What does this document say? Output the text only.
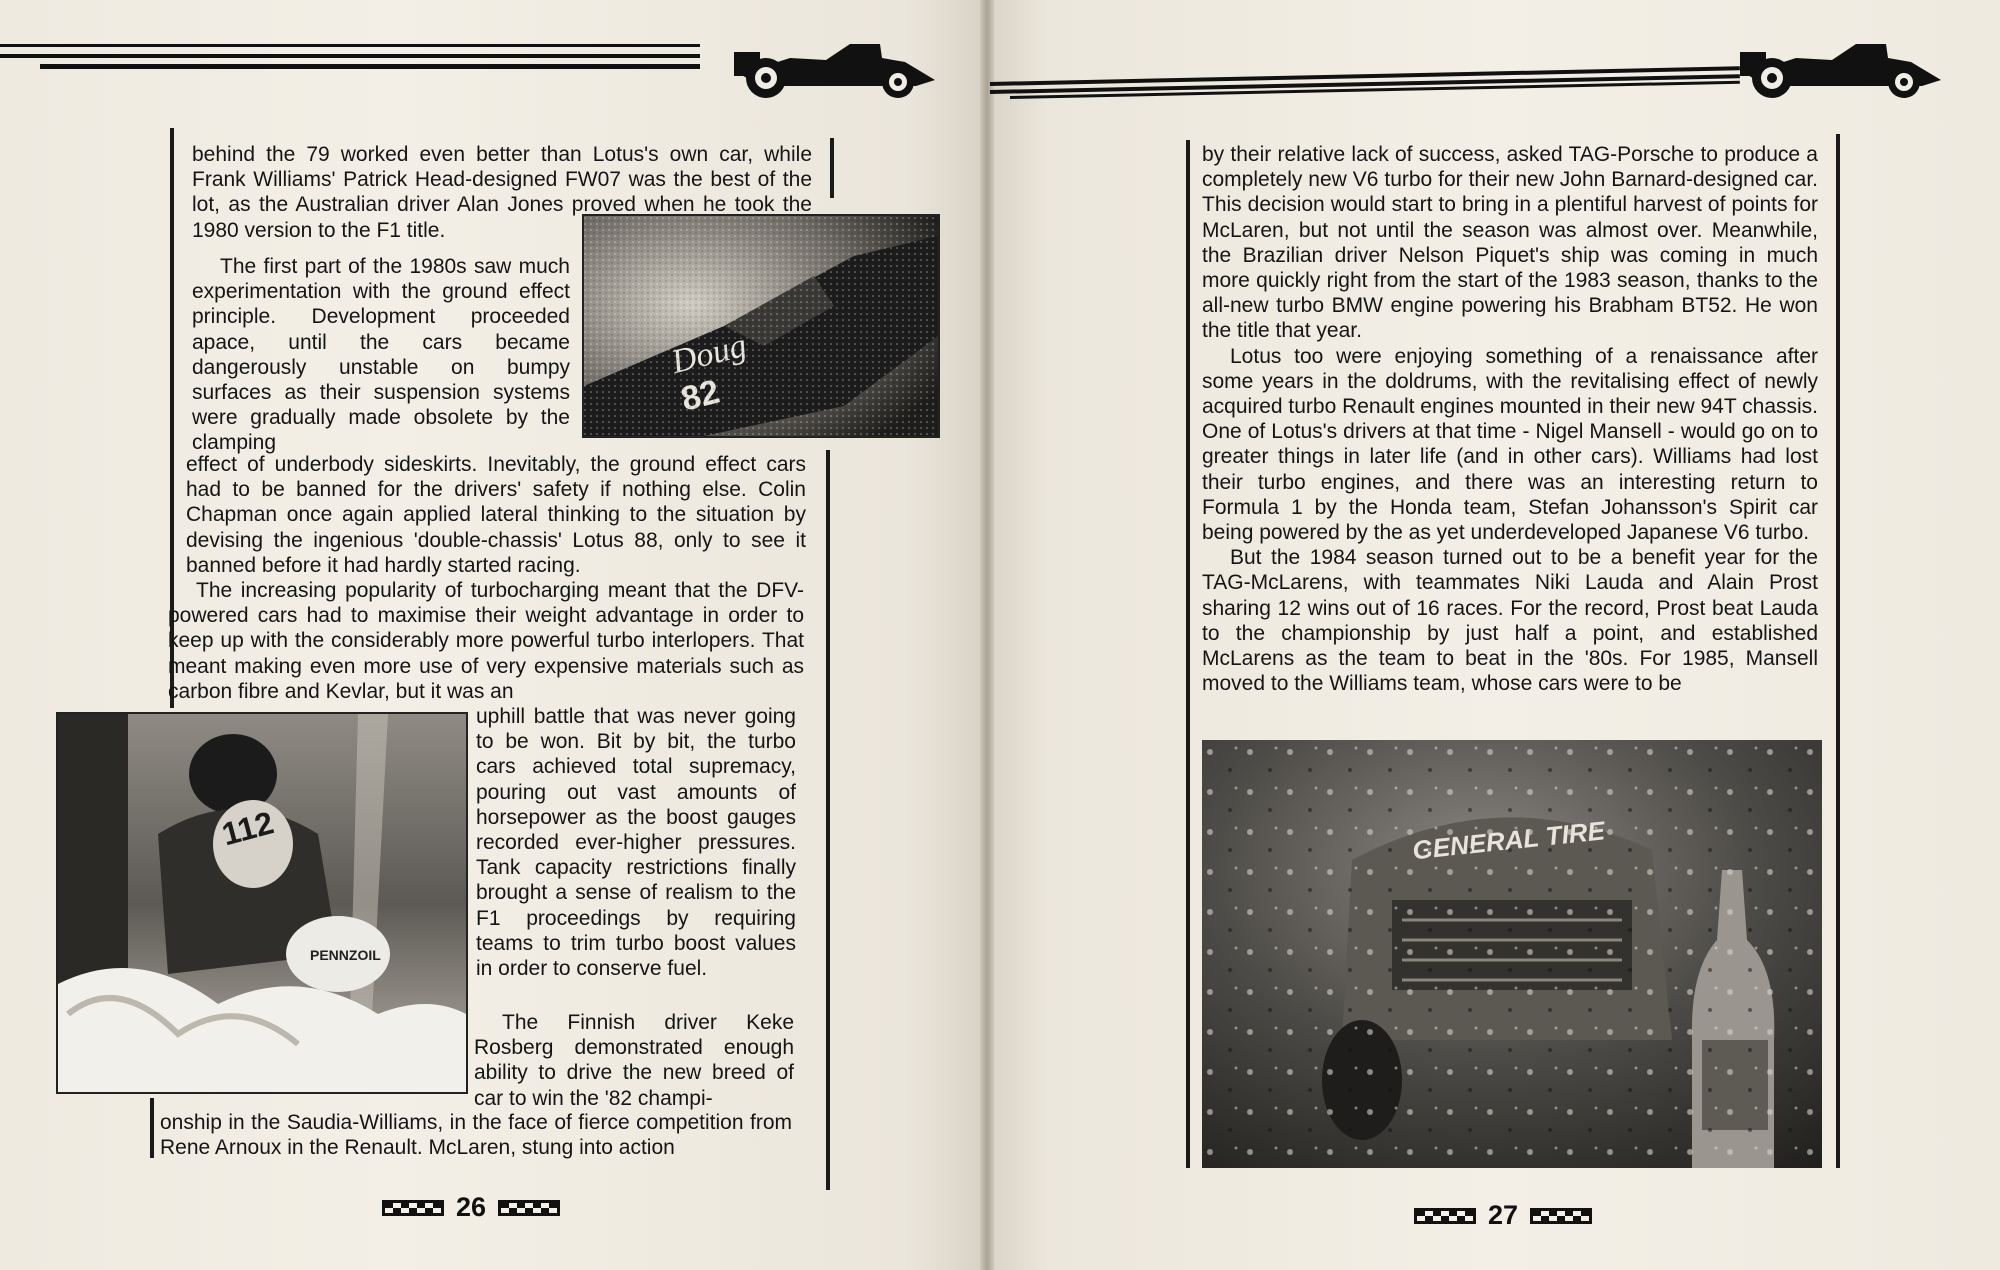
behind the 79 worked even better than Lotus's own car, while Frank Williams' Patrick Head-designed FW07 was the best of the lot, as the Australian driver Alan Jones proved when he took the 1980 version to the F1 title.

The first part of the 1980s saw much experimentation with the ground effect principle. Development proceeded apace, until the cars became dangerously unstable on bumpy surfaces as their suspension systems were gradually made obsolete by the clamping

effect of underbody sideskirts. Inevitably, the ground effect cars had to be banned for the drivers' safety if nothing else. Colin Chapman once again applied lateral thinking to the situation by devising the ingenious 'double-chassis' Lotus 88, only to see it banned before it had hardly started racing.

The increasing popularity of turbocharging meant that the DFV-powered cars had to maximise their weight advantage in order to keep up with the considerably more powerful turbo interlopers. That meant making even more use of very expensive materials such as carbon fibre and Kevlar, but it was an

uphill battle that was never going to be won. Bit by bit, the turbo cars achieved total supremacy, pouring out vast amounts of horsepower as the boost gauges recorded ever-higher pressures. Tank capacity restrictions finally brought a sense of realism to the F1 proceedings by requiring teams to trim turbo boost values in order to conserve fuel.

The Finnish driver Keke Rosberg demonstrated enough ability to drive the new breed of car to win the '82 champi-

onship in the Saudia-Williams, in the face of fierce competition from Rene Arnoux in the Renault. McLaren, stung into action

112
PENNZOIL
26

by their relative lack of success, asked TAG-Porsche to produce a completely new V6 turbo for their new John Barnard-designed car. This decision would start to bring in a plentiful harvest of points for McLaren, but not until the season was almost over. Meanwhile, the Brazilian driver Nelson Piquet's ship was coming in much more quickly right from the start of the 1983 season, thanks to the all-new turbo BMW engine powering his Brabham BT52. He won the title that year.

Lotus too were enjoying something of a renaissance after some years in the doldrums, with the revitalising effect of newly acquired turbo Renault engines mounted in their new 94T chassis. One of Lotus's drivers at that time - Nigel Mansell - would go on to greater things in later life (and in other cars). Williams had lost their turbo engines, and there was an interesting return to Formula 1 by the Honda team, Stefan Johansson's Spirit car being powered by the as yet underdeveloped Japanese V6 turbo.

But the 1984 season turned out to be a benefit year for the TAG-McLarens, with teammates Niki Lauda and Alain Prost sharing 12 wins out of 16 races. For the record, Prost beat Lauda to the championship by just half a point, and established McLarens as the team to beat in the '80s. For 1985, Mansell moved to the Williams team, whose cars were to be

27
